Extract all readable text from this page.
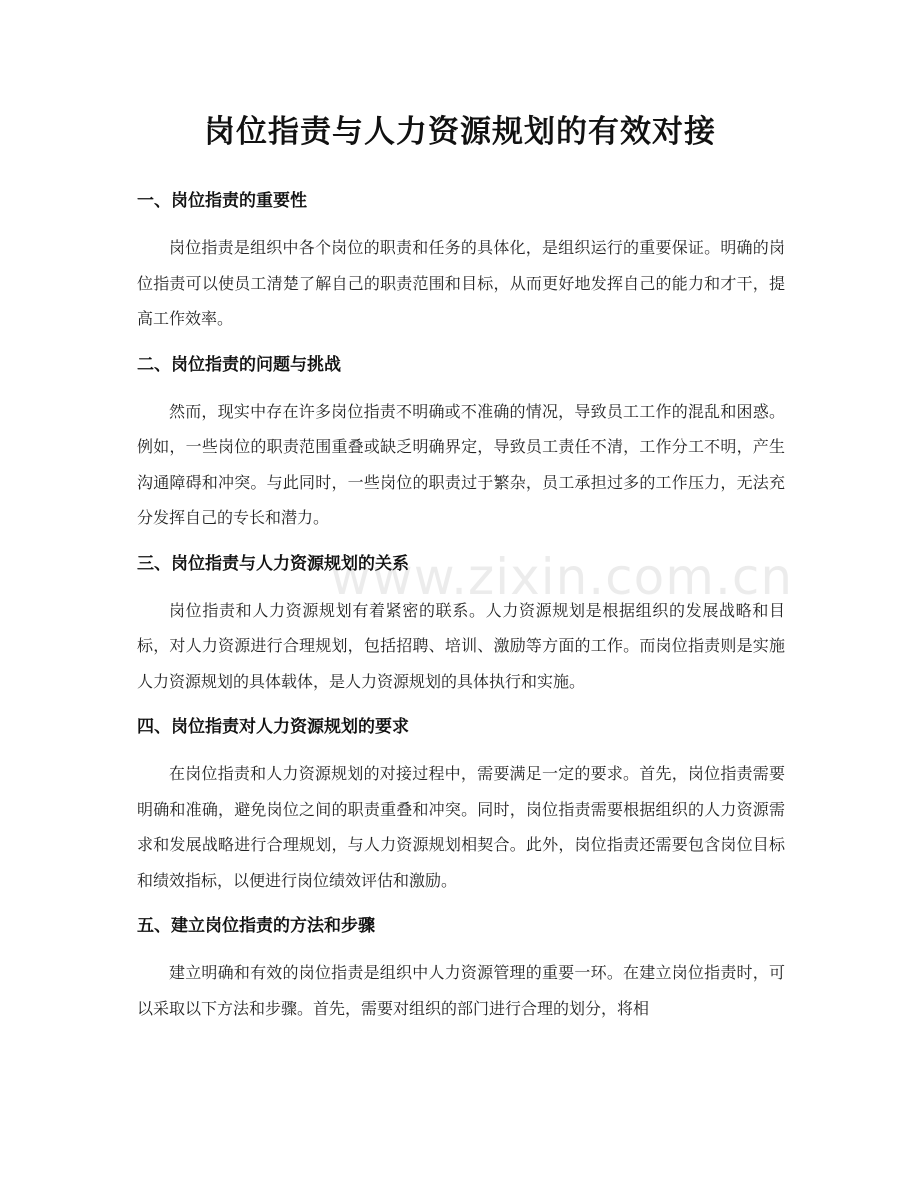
岗位指责与人力资源规划的有效对接
www.zixin.com.cn
一、岗位指责的重要性

岗位指责是组织中各个岗位的职责和任务的具体化，是组织运行的重要保证。明确的岗位指责可以使员工清楚了解自己的职责范围和目标，从而更好地发挥自己的能力和才干，提高工作效率。

二、岗位指责的问题与挑战

然而，现实中存在许多岗位指责不明确或不准确的情况，导致员工工作的混乱和困惑。例如，一些岗位的职责范围重叠或缺乏明确界定，导致员工责任不清，工作分工不明，产生沟通障碍和冲突。与此同时，一些岗位的职责过于繁杂，员工承担过多的工作压力，无法充分发挥自己的专长和潜力。

三、岗位指责与人力资源规划的关系

岗位指责和人力资源规划有着紧密的联系。人力资源规划是根据组织的发展战略和目标，对人力资源进行合理规划，包括招聘、培训、激励等方面的工作。而岗位指责则是实施人力资源规划的具体载体，是人力资源规划的具体执行和实施。

四、岗位指责对人力资源规划的要求

在岗位指责和人力资源规划的对接过程中，需要满足一定的要求。首先，岗位指责需要明确和准确，避免岗位之间的职责重叠和冲突。同时，岗位指责需要根据组织的人力资源需求和发展战略进行合理规划，与人力资源规划相契合。此外，岗位指责还需要包含岗位目标和绩效指标，以便进行岗位绩效评估和激励。

五、建立岗位指责的方法和步骤

建立明确和有效的岗位指责是组织中人力资源管理的重要一环。在建立岗位指责时，可以采取以下方法和步骤。首先，需要对组织的部门进行合理的划分，将相
